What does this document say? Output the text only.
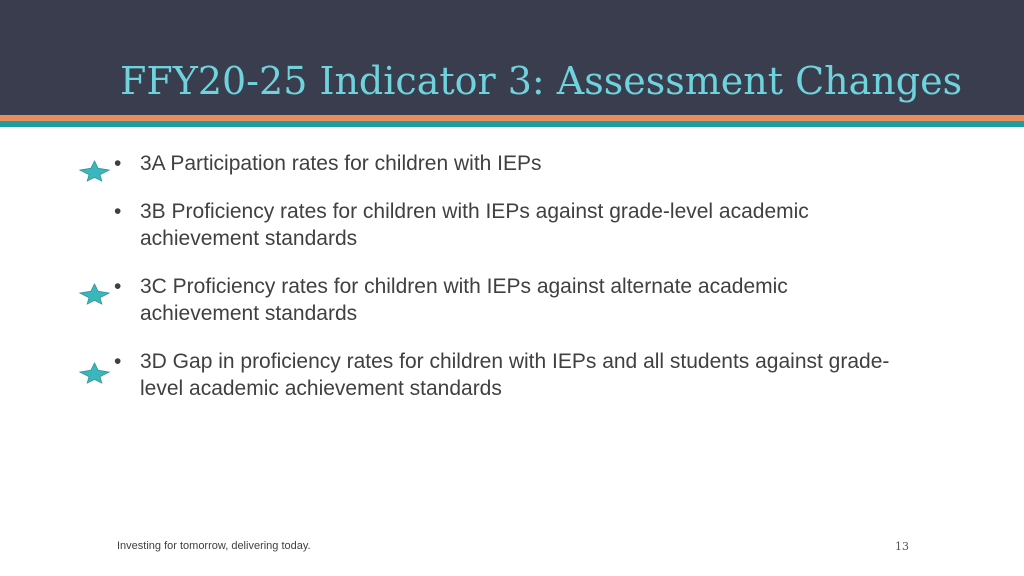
FFY20-25 Indicator 3: Assessment Changes
• 3A Participation rates for children with IEPs
• 3B Proficiency rates for children with IEPs against grade-level academic achievement standards
• 3C Proficiency rates for children with IEPs against alternate academic achievement standards
• 3D Gap in proficiency rates for children with IEPs and all students against grade-level academic achievement standards
Investing for tomorrow, delivering today.	13
